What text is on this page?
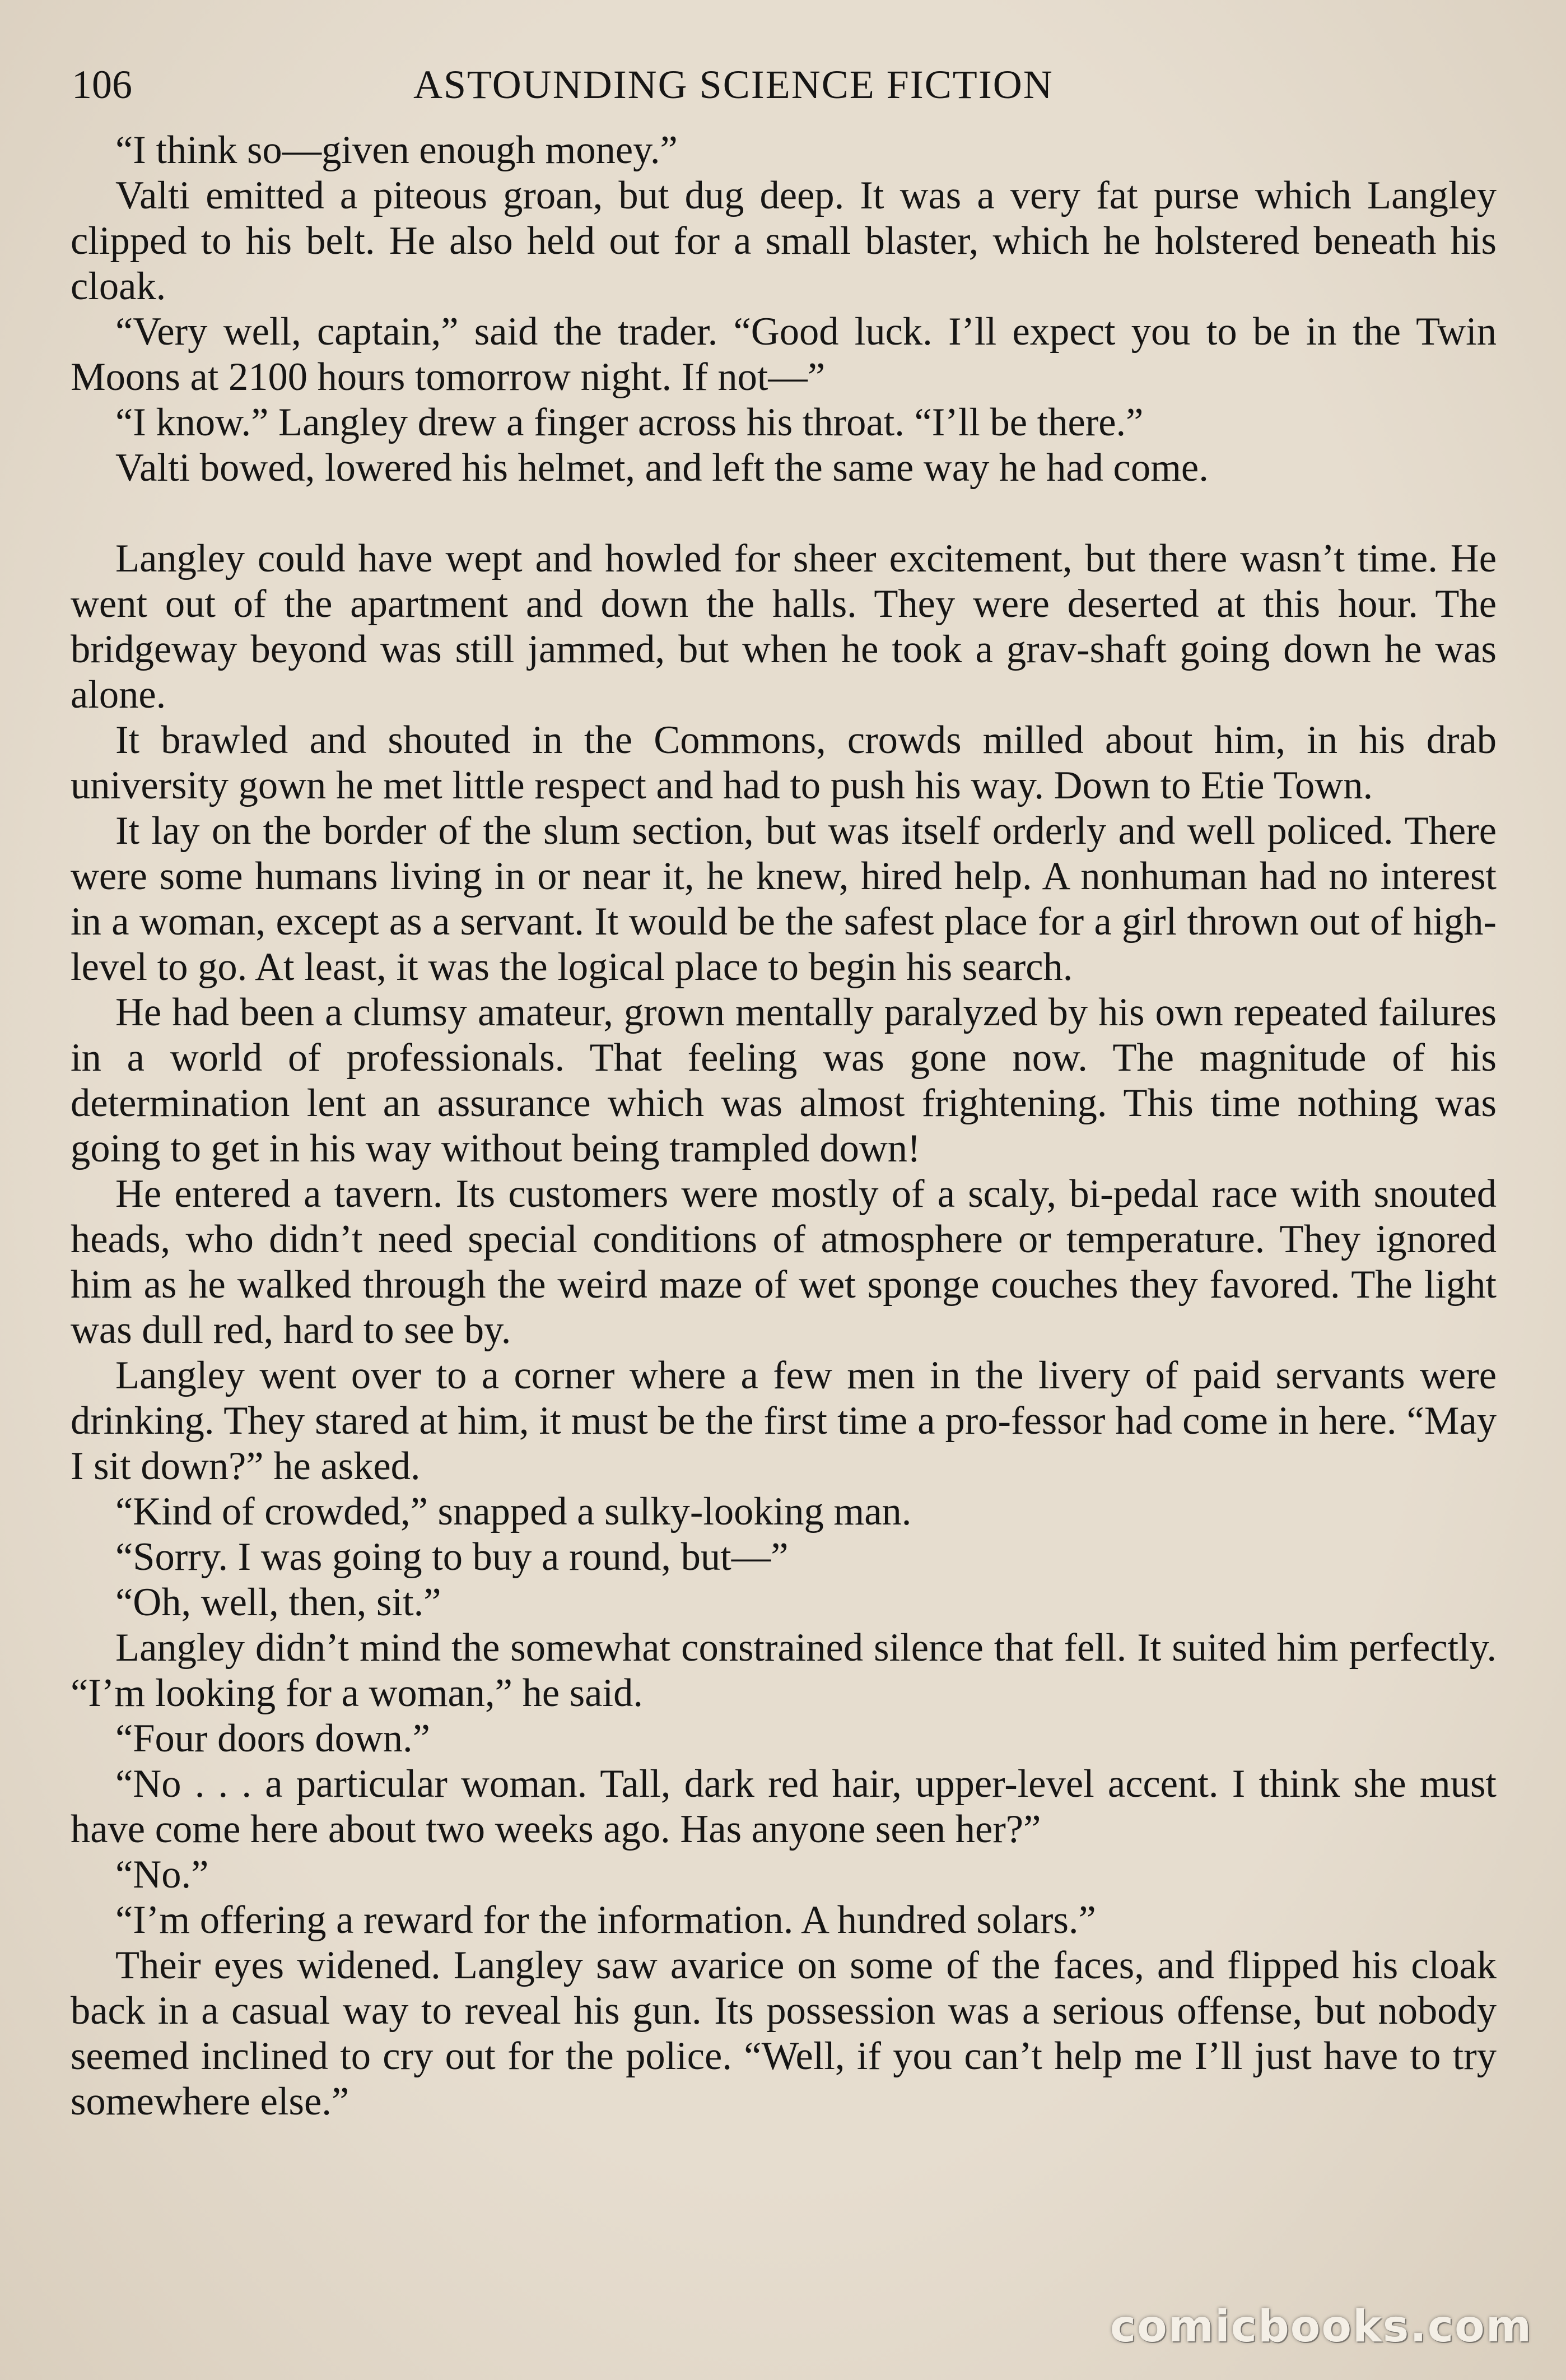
106	ASTOUNDING SCIENCE FICTION

“I think so—given enough money.”

Valti emitted a piteous groan, but dug deep. It was a very fat purse which Langley clipped to his belt. He also held out for a small blaster, which he holstered beneath his cloak.

“Very well, captain,” said the trader. “Good luck. I’ll expect you to be in the Twin Moons at 2100 hours tomorrow night. If not—”

“I know.” Langley drew a finger across his throat. “I’ll be there.”

Valti bowed, lowered his helmet, and left the same way he had come.

Langley could have wept and howled for sheer excitement, but there wasn’t time. He went out of the apartment and down the halls. They were deserted at this hour. The bridgeway beyond was still jammed, but when he took a grav-shaft going down he was alone.

It brawled and shouted in the Commons, crowds milled about him, in his drab university gown he met little respect and had to push his way. Down to Etie Town.

It lay on the border of the slum section, but was itself orderly and well policed. There were some humans living in or near it, he knew, hired help. A nonhuman had no interest in a woman, except as a servant. It would be the safest place for a girl thrown out of high-level to go. At least, it was the logical place to begin his search.

He had been a clumsy amateur, grown mentally paralyzed by his own repeated failures in a world of professionals. That feeling was gone now. The magnitude of his determination lent an assurance which was almost frightening. This time nothing was going to get in his way without being trampled down!

He entered a tavern. Its customers were mostly of a scaly, bi-pedal race with snouted heads, who didn’t need special conditions of atmosphere or temperature. They ignored him as he walked through the weird maze of wet sponge couches they favored. The light was dull red, hard to see by.

Langley went over to a corner where a few men in the livery of paid servants were drinking. They stared at him, it must be the first time a pro-fessor had come in here. “May I sit down?” he asked.

“Kind of crowded,” snapped a sulky-looking man.

“Sorry. I was going to buy a round, but—”

“Oh, well, then, sit.”

Langley didn’t mind the somewhat constrained silence that fell. It suited him perfectly. “I’m looking for a woman,” he said.

“Four doors down.”

“No . . . a particular woman. Tall, dark red hair, upper-level accent. I think she must have come here about two weeks ago. Has anyone seen her?”

“No.”

“I’m offering a reward for the information. A hundred solars.”

Their eyes widened. Langley saw avarice on some of the faces, and flipped his cloak back in a casual way to reveal his gun. Its possession was a serious offense, but nobody seemed inclined to cry out for the police. “Well, if you can’t help me I’ll just have to try somewhere else.”

comicbooks.com
